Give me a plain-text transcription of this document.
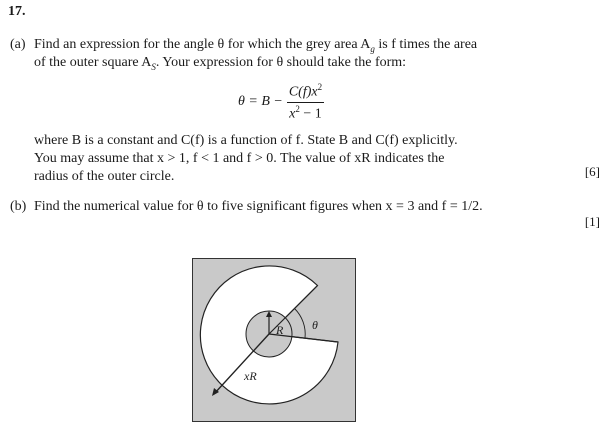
17.
(a) Find an expression for the angle θ for which the grey area $A_g$ is f times the area
of the outer square $A_S$. Your expression for θ should take the form:
$\theta = B - \frac{C(f)x^2}{x^2 - 1}$
where B is a constant and C(f) is a function of f. State B and C(f) explicitly.
You may assume that x > 1, f < 1 and f > 0. The value of xR indicates the
radius of the outer circle.	[6]
(b) Find the numerical value for θ to five significant figures when x = 3 and f = 1/2.
[1]
R θ
xR
